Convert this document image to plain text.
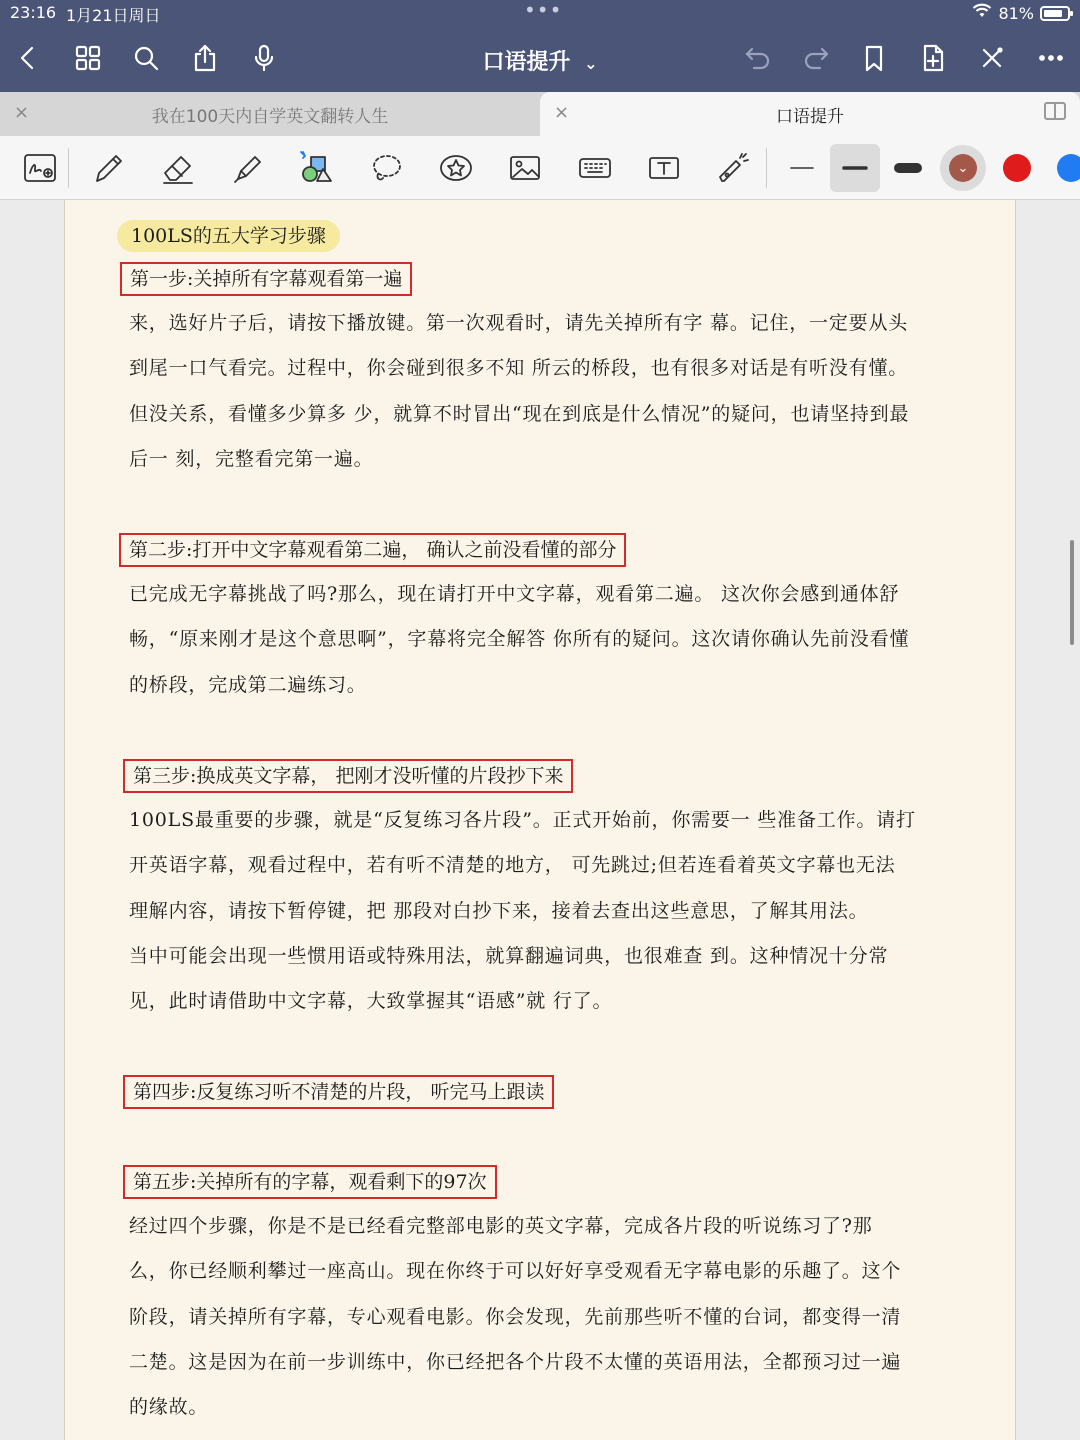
23:16 1月21日周日	•••	81%
口语提升 ⌄
×	我在100天内自学英文翻转人生	×	口语提升
⌄
100LS的五大学习步骤
第一步:关掉所有字幕观看第一遍
来，选好片子后，请按下播放键。第一次观看时，请先关掉所有字 幕。记住，一定要从头
到尾一口气看完。过程中，你会碰到很多不知 所云的桥段，也有很多对话是有听没有懂。
但没关系，看懂多少算多 少，就算不时冒出“现在到底是什么情况”的疑问，也请坚持到最
后一 刻，完整看完第一遍。
第二步:打开中文字幕观看第二遍， 确认之前没看懂的部分
已完成无字幕挑战了吗?那么，现在请打开中文字幕，观看第二遍。 这次你会感到通体舒
畅，“原来刚才是这个意思啊”，字幕将完全解答 你所有的疑问。这次请你确认先前没看懂
的桥段，完成第二遍练习。
第三步:换成英文字幕， 把刚才没听懂的片段抄下来
100LS最重要的步骤，就是“反复练习各片段”。正式开始前，你需要一 些准备工作。请打
开英语字幕，观看过程中，若有听不清楚的地方， 可先跳过;但若连看着英文字幕也无法
理解内容，请按下暂停键，把 那段对白抄下来，接着去查出这些意思，了解其用法。
当中可能会出现一些惯用语或特殊用法，就算翻遍词典，也很难查 到。这种情况十分常
见，此时请借助中文字幕，大致掌握其“语感”就 行了。
第四步:反复练习听不清楚的片段， 听完马上跟读
第五步:关掉所有的字幕，观看剩下的97次
经过四个步骤，你是不是已经看完整部电影的英文字幕，完成各片段的听说练习了?那
么，你已经顺利攀过一座高山。现在你终于可以好好享受观看无字幕电影的乐趣了。这个
阶段，请关掉所有字幕，专心观看电影。你会发现，先前那些听不懂的台词，都变得一清
二楚。这是因为在前一步训练中，你已经把各个片段不太懂的英语用法，全都预习过一遍
的缘故。
